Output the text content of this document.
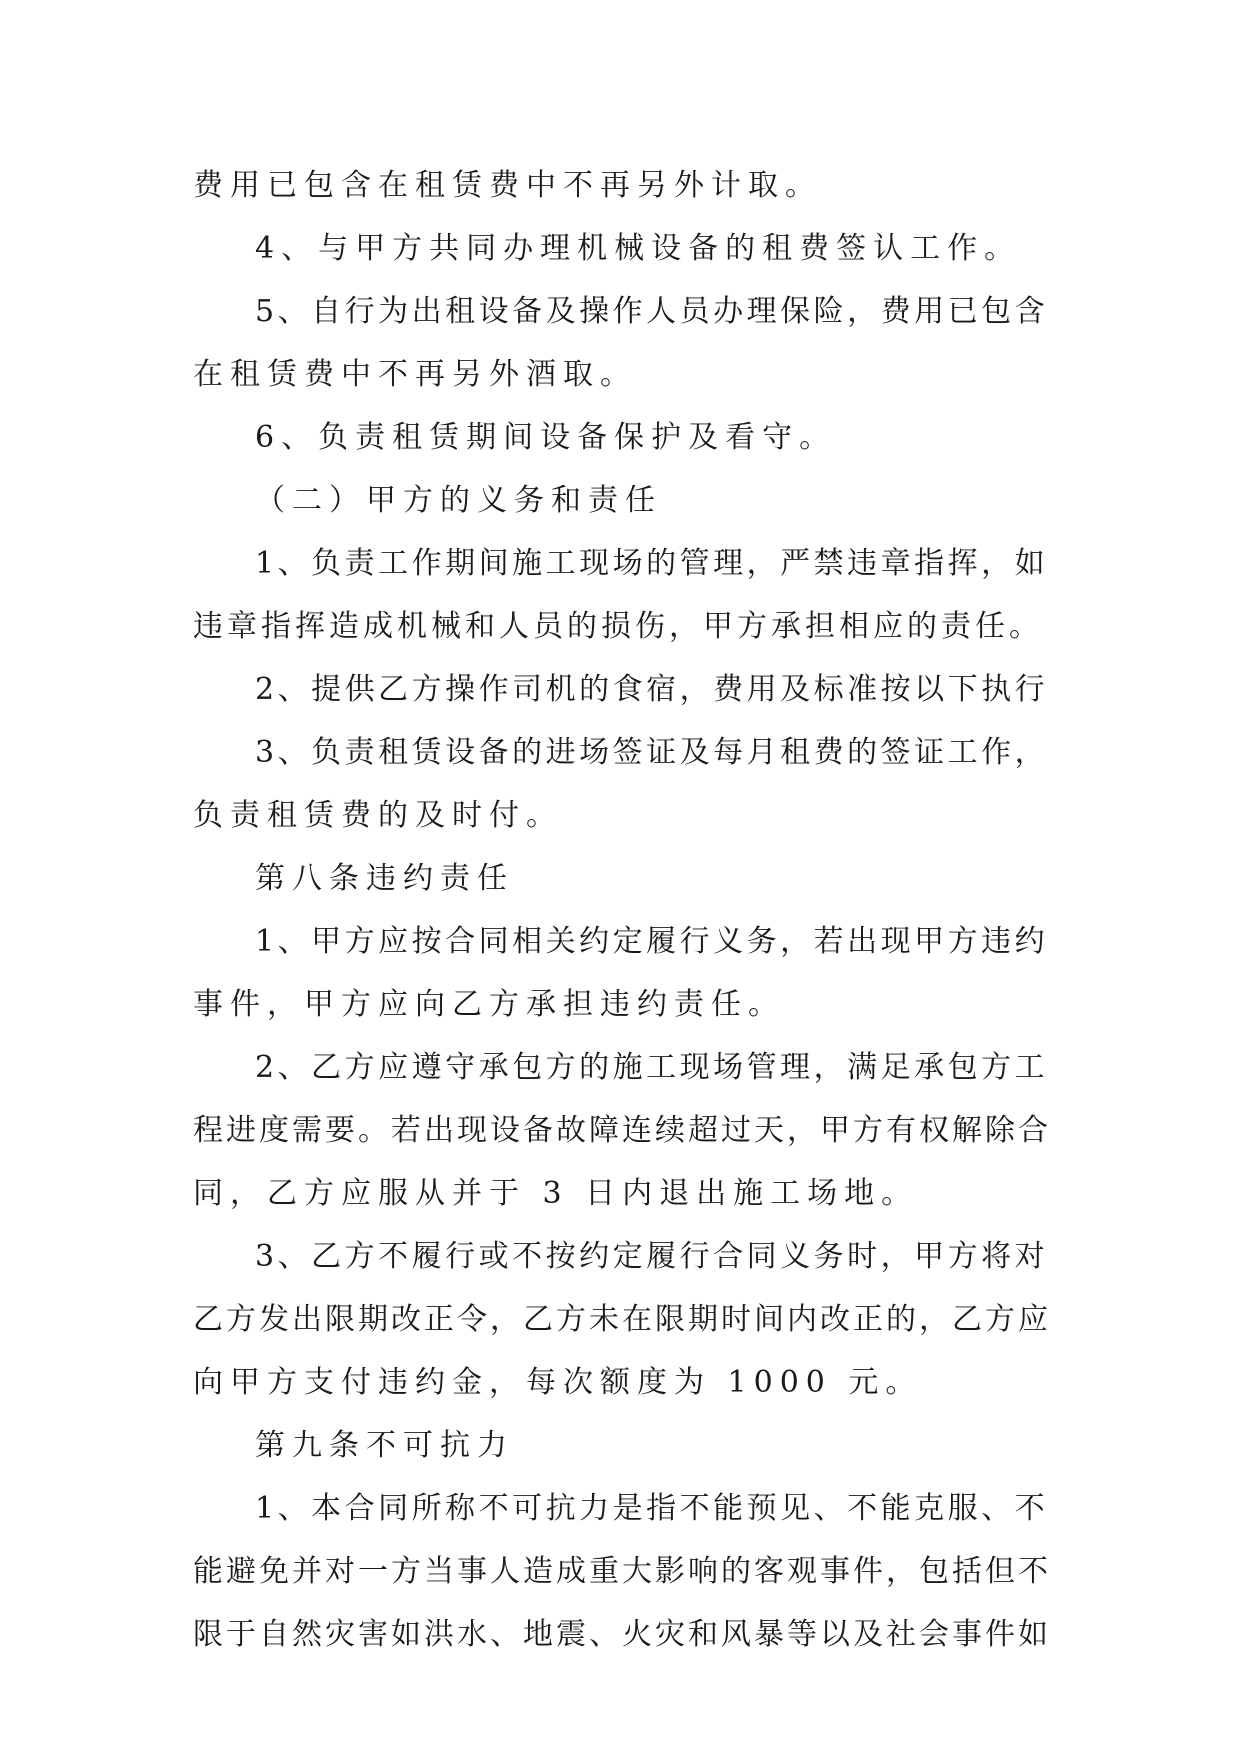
费用已包含在租赁费中不再另外计取。
4、与甲方共同办理机械设备的租费签认工作。
5、自行为出租设备及操作人员办理保险，费用已包含
在租赁费中不再另外酒取。
6、负责租赁期间设备保护及看守。
（二）甲方的义务和责任
1、负责工作期间施工现场的管理，严禁违章指挥，如
违章指挥造成机械和人员的损伤，甲方承担相应的责任。
2、提供乙方操作司机的食宿，费用及标准按以下执行
3、负责租赁设备的进场签证及每月租费的签证工作，
负责租赁费的及时付。
第八条违约责任
1、甲方应按合同相关约定履行义务，若出现甲方违约
事件，甲方应向乙方承担违约责任。
2、乙方应遵守承包方的施工现场管理，满足承包方工
程进度需要。若出现设备故障连续超过天，甲方有权解除合
同，乙方应服从并于 3 日内退出施工场地。
3、乙方不履行或不按约定履行合同义务时，甲方将对
乙方发出限期改正令，乙方未在限期时间内改正的，乙方应
向甲方支付违约金，每次额度为 1000 元。
第九条不可抗力
1、本合同所称不可抗力是指不能预见、不能克服、不
能避免并对一方当事人造成重大影响的客观事件，包括但不
限于自然灾害如洪水、地震、火灾和风暴等以及社会事件如
